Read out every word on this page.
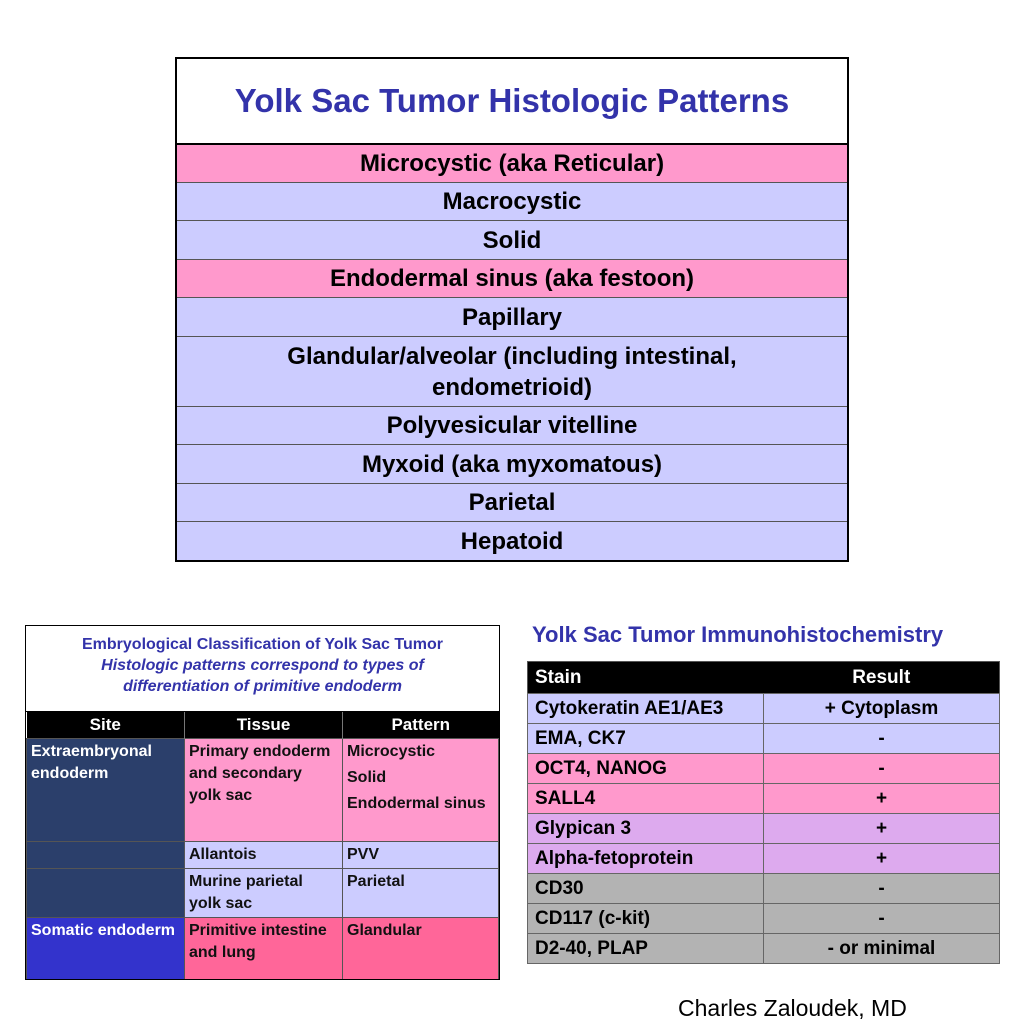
Yolk Sac Tumor Histologic Patterns
Microcystic (aka Reticular)
Macrocystic
Solid
Endodermal sinus (aka festoon)
Papillary
Glandular/alveolar (including intestinal, endometrioid)
Polyvesicular vitelline
Myxoid (aka myxomatous)
Parietal
Hepatoid
Embryological Classification of Yolk Sac Tumor
Histologic patterns correspond to types of differentiation of primitive endoderm
Site	Tissue	Pattern
Extraembryonal endoderm	Primary endoderm and secondary yolk sac	Microcystic
Solid
Endodermal sinus

	Allantois	PVV

	Murine parietal yolk sac	Parietal

Somatic endoderm	Primitive intestine and lung	Glandular
Yolk Sac Tumor Immunohistochemistry
Stain	Result
Cytokeratin AE1/AE3	+ Cytoplasm
EMA, CK7	-
OCT4, NANOG	-
SALL4	+
Glypican 3	+
Alpha-fetoprotein	+
CD30	-
CD117 (c-kit)	-
D2-40, PLAP	- or minimal
Charles Zaloudek, MD
